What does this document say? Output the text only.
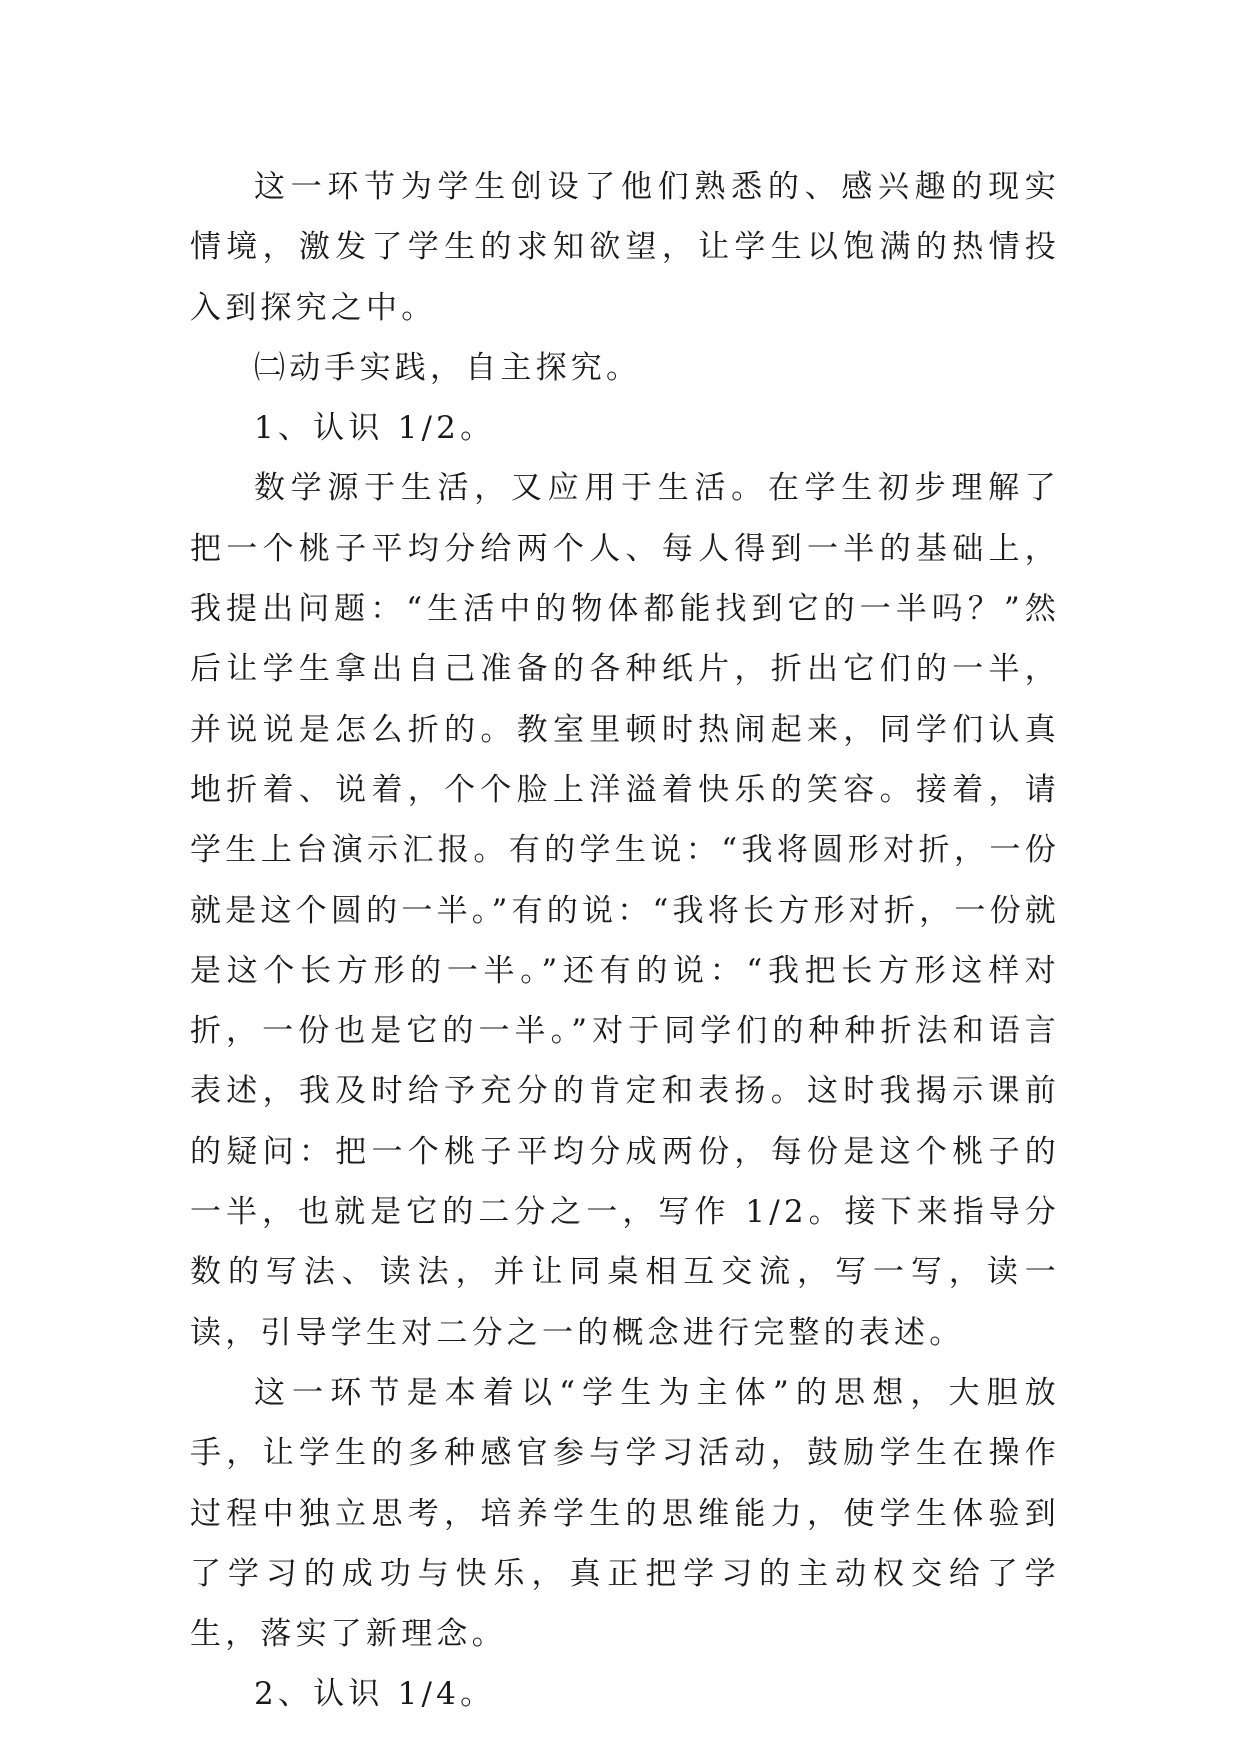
这一环节为学生创设了他们熟悉的、感兴趣的现实情境，激发了学生的求知欲望，让学生以饱满的热情投入到探究之中。

㈡动手实践，自主探究。

1、认识 1/2。

数学源于生活，又应用于生活。在学生初步理解了把一个桃子平均分给两个人、每人得到一半的基础上，我提出问题：“生活中的物体都能找到它的一半吗？”然后让学生拿出自己准备的各种纸片，折出它们的一半，并说说是怎么折的。教室里顿时热闹起来，同学们认真地折着、说着，个个脸上洋溢着快乐的笑容。接着，请学生上台演示汇报。有的学生说：“我将圆形对折，一份就是这个圆的一半。”有的说：“我将长方形对折，一份就是这个长方形的一半。”还有的说：“我把长方形这样对折，一份也是它的一半。”对于同学们的种种折法和语言表述，我及时给予充分的肯定和表扬。这时我揭示课前的疑问：把一个桃子平均分成两份，每份是这个桃子的一半，也就是它的二分之一，写作 1/2。接下来指导分数的写法、读法，并让同桌相互交流，写一写，读一读，引导学生对二分之一的概念进行完整的表述。

这一环节是本着以“学生为主体”的思想，大胆放手，让学生的多种感官参与学习活动，鼓励学生在操作过程中独立思考，培养学生的思维能力，使学生体验到了学习的成功与快乐，真正把学习的主动权交给了学生，落实了新理念。

2、认识 1/4。
